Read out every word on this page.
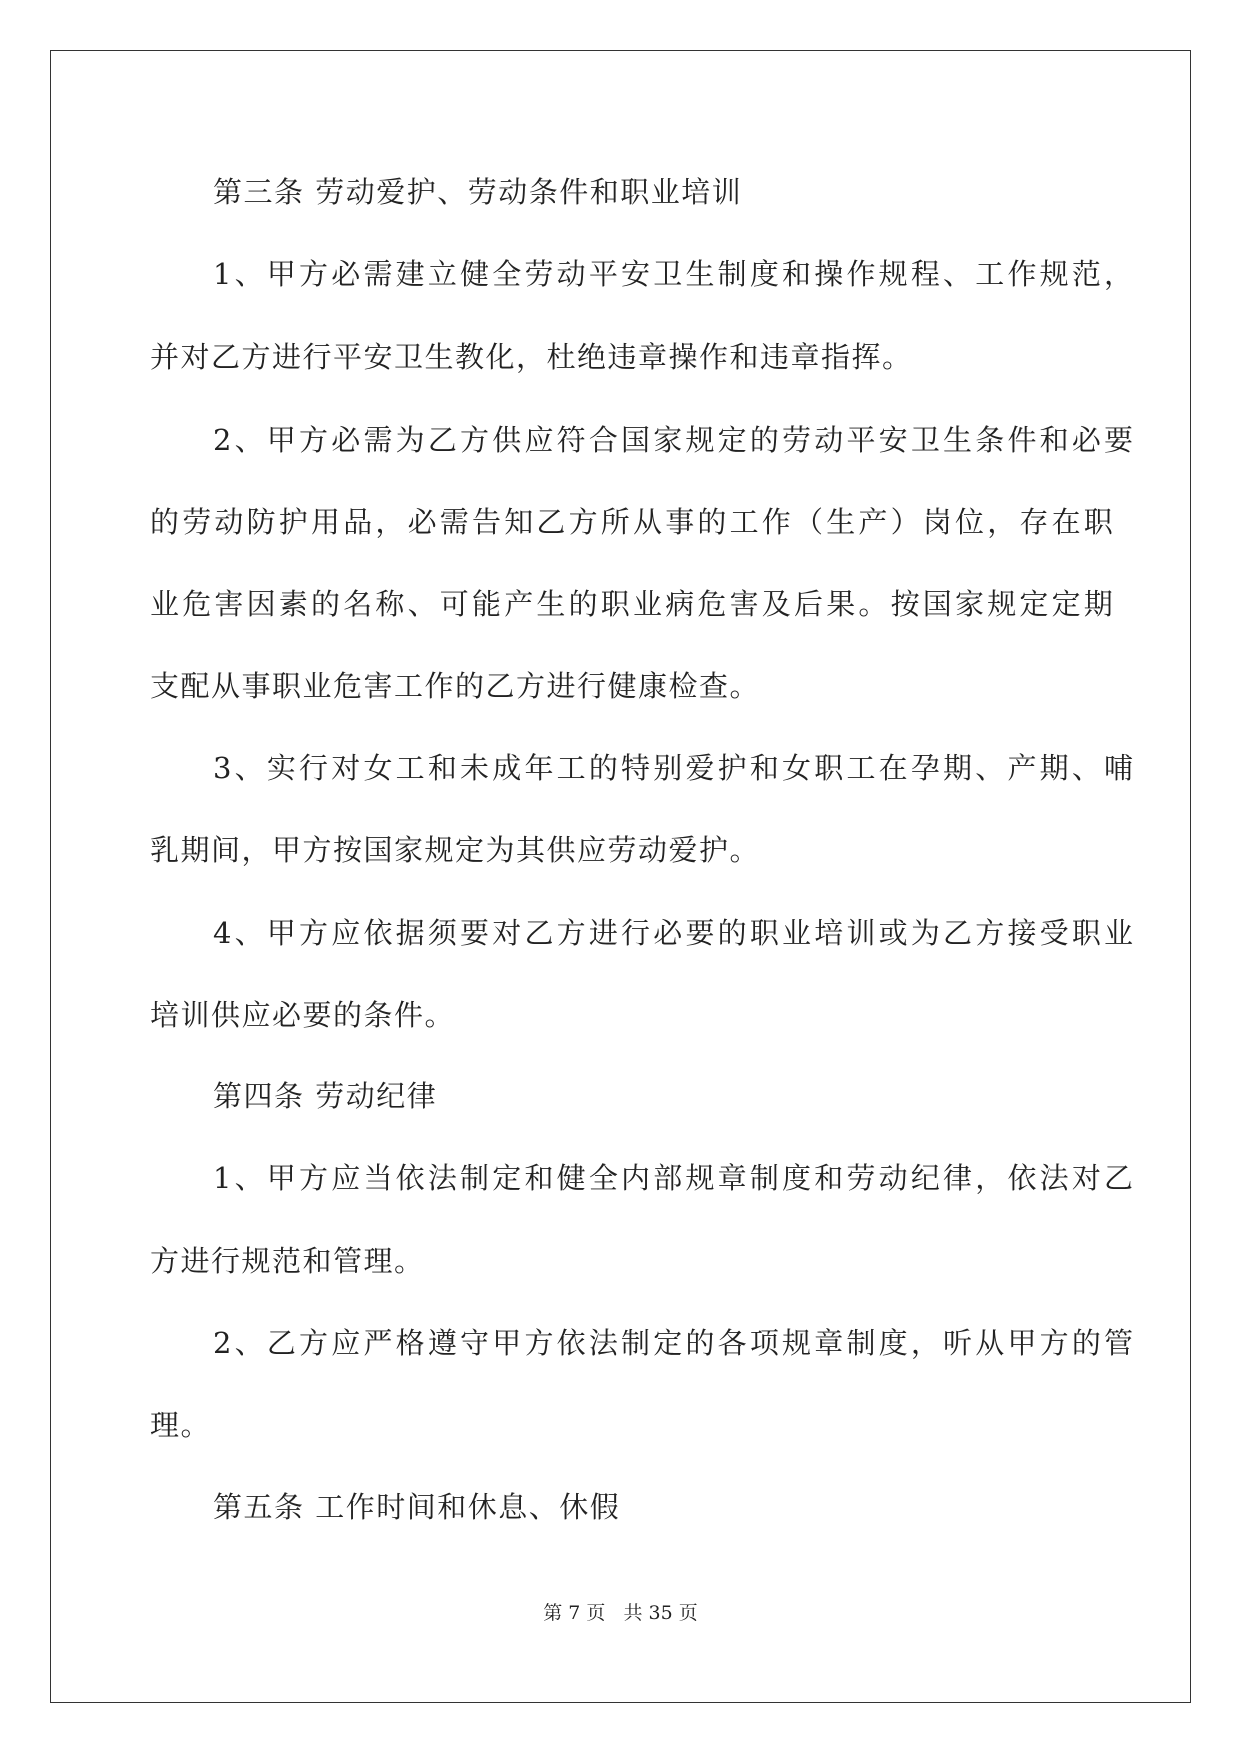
第三条 劳动爱护、劳动条件和职业培训

1、甲方必需建立健全劳动平安卫生制度和操作规程、工作规范，

并对乙方进行平安卫生教化，杜绝违章操作和违章指挥。

2、甲方必需为乙方供应符合国家规定的劳动平安卫生条件和必要

的劳动防护用品，必需告知乙方所从事的工作（生产）岗位，存在职

业危害因素的名称、可能产生的职业病危害及后果。按国家规定定期

支配从事职业危害工作的乙方进行健康检查。

3、实行对女工和未成年工的特别爱护和女职工在孕期、产期、哺

乳期间，甲方按国家规定为其供应劳动爱护。

4、甲方应依据须要对乙方进行必要的职业培训或为乙方接受职业

培训供应必要的条件。

第四条 劳动纪律

1、甲方应当依法制定和健全内部规章制度和劳动纪律，依法对乙

方进行规范和管理。

2、乙方应严格遵守甲方依法制定的各项规章制度，听从甲方的管

理。

第五条 工作时间和休息、休假

第 7 页 共 35 页
